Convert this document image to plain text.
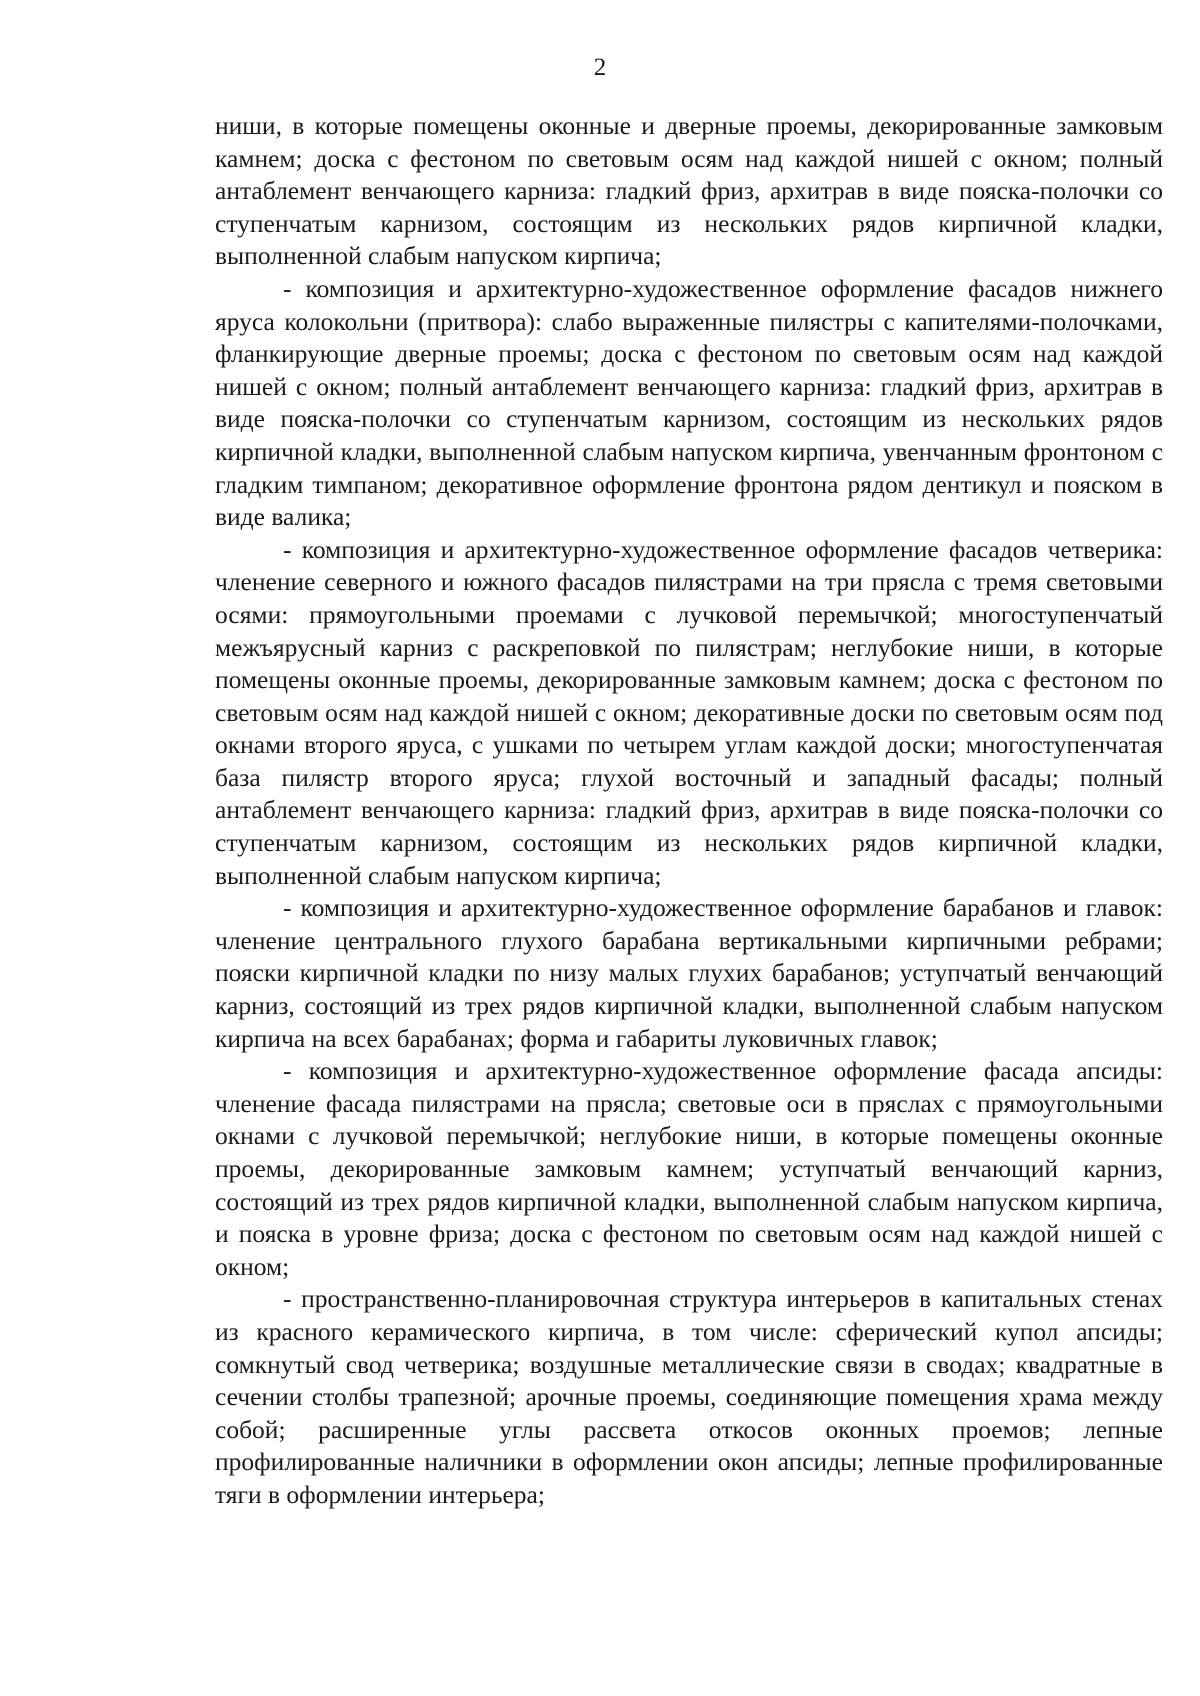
2

ниши, в которые помещены оконные и дверные проемы, декорированные замковым камнем; доска с фестоном по световым осям над каждой нишей с окном; полный антаблемент венчающего карниза: гладкий фриз, архитрав в виде пояска-полочки со ступенчатым карнизом, состоящим из нескольких рядов кирпичной кладки, выполненной слабым напуском кирпича;

- композиция и архитектурно-художественное оформление фасадов нижнего яруса колокольни (притвора): слабо выраженные пилястры с капителями-полочками, фланкирующие дверные проемы; доска с фестоном по световым осям над каждой нишей с окном; полный антаблемент венчающего карниза: гладкий фриз, архитрав в виде пояска-полочки со ступенчатым карнизом, состоящим из нескольких рядов кирпичной кладки, выполненной слабым напуском кирпича, увенчанным фронтоном с гладким тимпаном; декоративное оформление фронтона рядом дентикул и пояском в виде валика;

- композиция и архитектурно-художественное оформление фасадов четверика: членение северного и южного фасадов пилястрами на три прясла с тремя световыми осями: прямоугольными проемами с лучковой перемычкой; многоступенчатый межъярусный карниз с раскреповкой по пилястрам; неглубокие ниши, в которые помещены оконные проемы, декорированные замковым камнем; доска с фестоном по световым осям над каждой нишей с окном; декоративные доски по световым осям под окнами второго яруса, с ушками по четырем углам каждой доски; многоступенчатая база пилястр второго яруса; глухой восточный и западный фасады; полный антаблемент венчающего карниза: гладкий фриз, архитрав в виде пояска-полочки со ступенчатым карнизом, состоящим из нескольких рядов кирпичной кладки, выполненной слабым напуском кирпича;

- композиция и архитектурно-художественное оформление барабанов и главок: членение центрального глухого барабана вертикальными кирпичными ребрами; пояски кирпичной кладки по низу малых глухих барабанов; уступчатый венчающий карниз, состоящий из трех рядов кирпичной кладки, выполненной слабым напуском кирпича на всех барабанах; форма и габариты луковичных главок;

- композиция и архитектурно-художественное оформление фасада апсиды: членение фасада пилястрами на прясла; световые оси в пряслах с прямоугольными окнами с лучковой перемычкой; неглубокие ниши, в которые помещены оконные проемы, декорированные замковым камнем; уступчатый венчающий карниз, состоящий из трех рядов кирпичной кладки, выполненной слабым напуском кирпича, и пояска в уровне фриза; доска с фестоном по световым осям над каждой нишей с окном;

- пространственно-планировочная структура интерьеров в капитальных стенах из красного керамического кирпича, в том числе: сферический купол апсиды; сомкнутый свод четверика; воздушные металлические связи в сводах; квадратные в сечении столбы трапезной; арочные проемы, соединяющие помещения храма между собой; расширенные углы рассвета откосов оконных проемов; лепные профилированные наличники в оформлении окон апсиды; лепные профилированные тяги в оформлении интерьера;
